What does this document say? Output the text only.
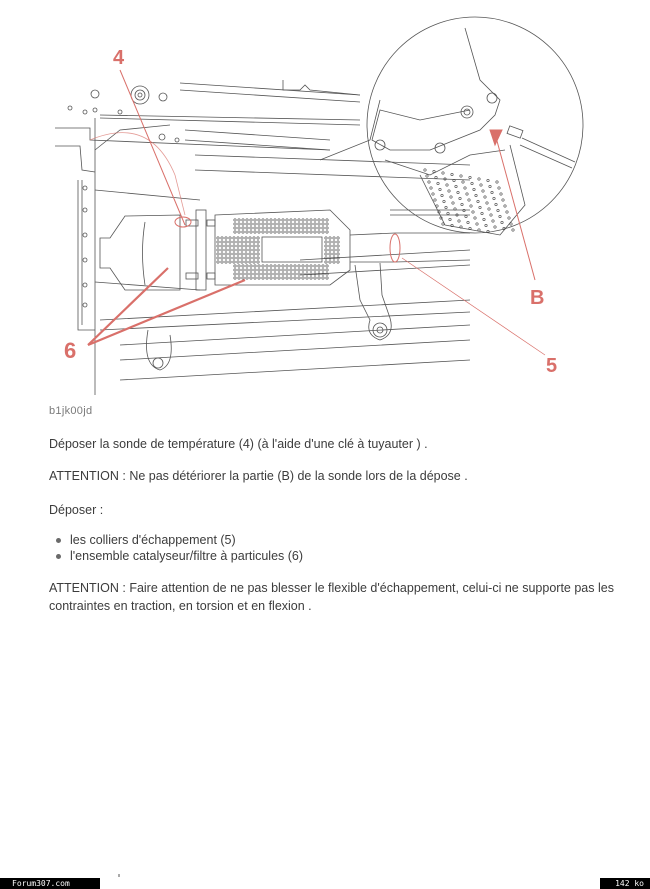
4
B
5
6
b1jk00jd
Déposer la sonde de température (4) (à l'aide d'une clé à tuyauter ) .
ATTENTION : Ne pas détériorer la partie (B) de la sonde lors de la dépose .
Déposer :
les colliers d'échappement (5)
l'ensemble catalyseur/filtre à particules (6)
ATTENTION : Faire attention de ne pas blesser le flexible d'échappement, celui-ci ne supporte pas les contraintes en traction, en torsion et en flexion .
Forum307.com	142 ko
